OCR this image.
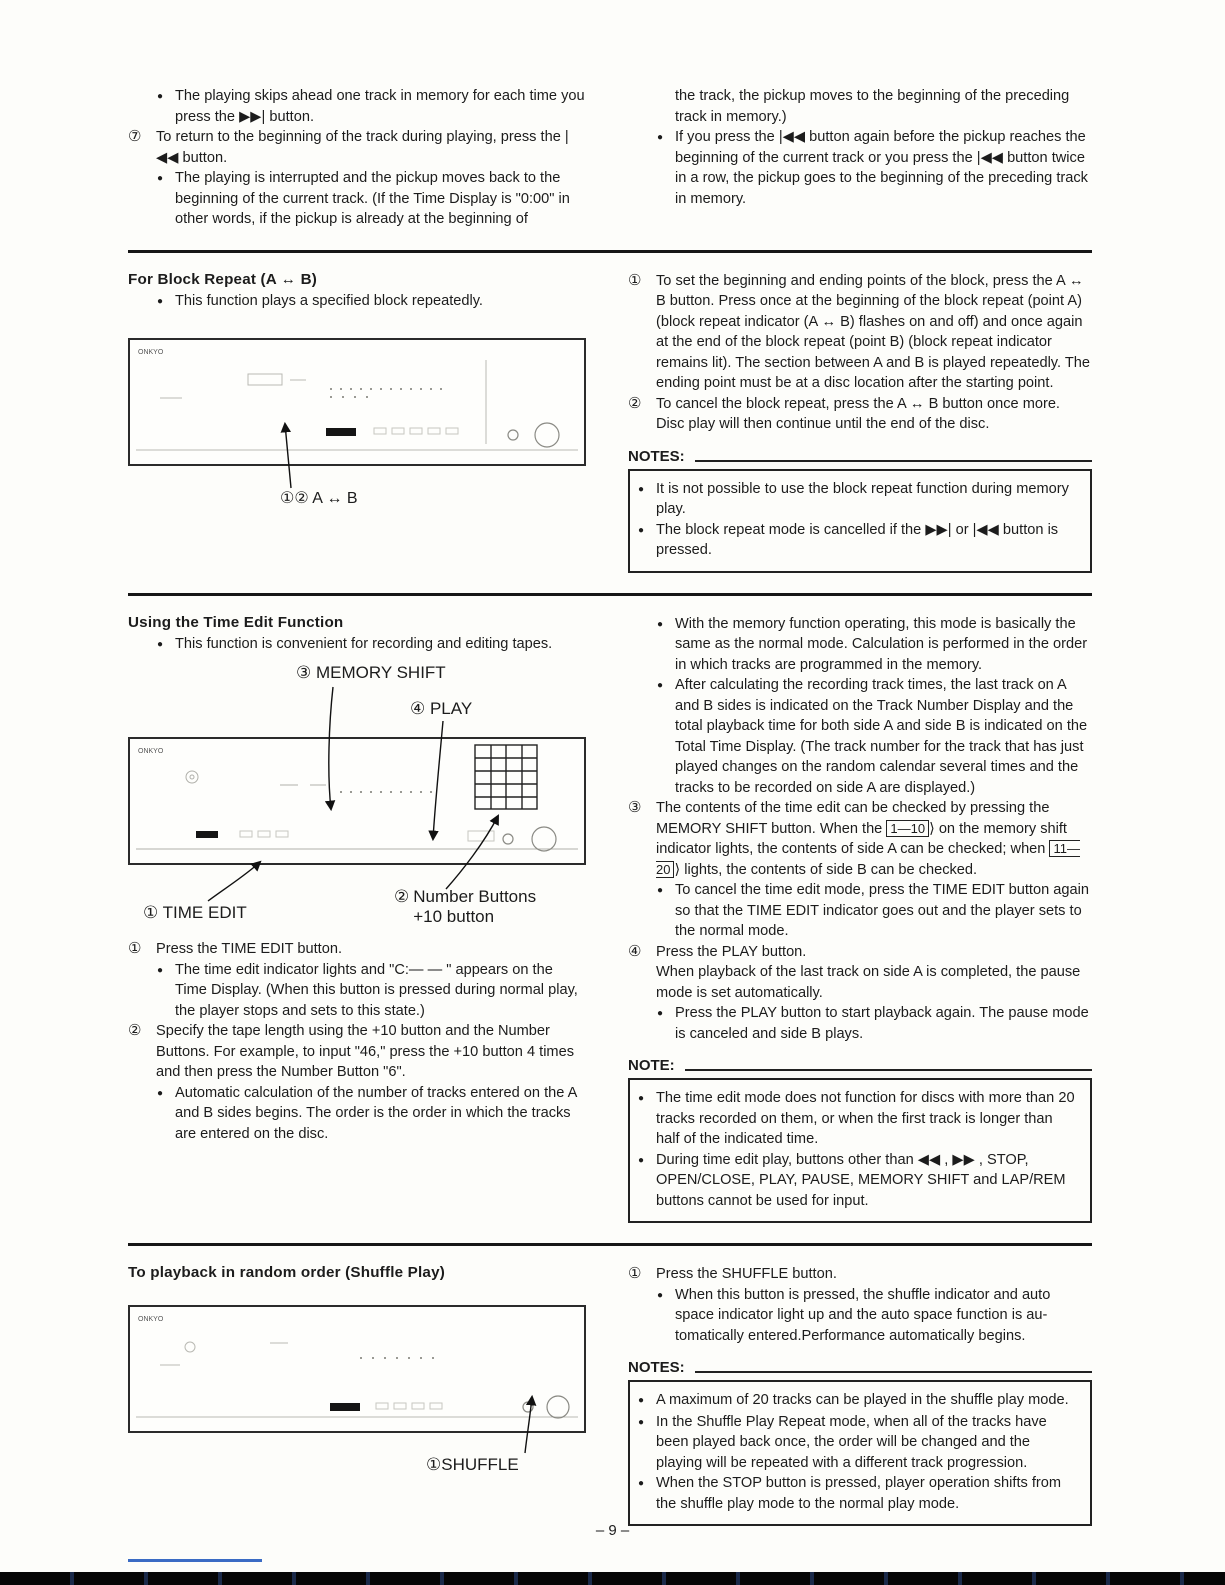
● The playing skips ahead one track in memory for each time you press the ▶▶| button.

⑦	To return to the beginning of the track during playing, press the |◀◀ button.

● The playing is interrupted and the pickup moves back to the beginning of the current track. (If the Time Display is "0:00" in other words, if the pickup is already at the beginning of

the track, the pickup moves to the beginning of the preceding track in memory.)

● If you press the |◀◀ button again before the pickup reaches the beginning of the current track or you press the |◀◀ button twice in a row, the pickup goes to the beginning of the preceding track in memory.

For Block Repeat (A ↔ B)
● This function plays a specified block repeatedly.

ONKYO
①② A ↔ B
①	To set the beginning and ending points of the block, press the A ↔ B button. Press once at the beginning of the block repeat (point A) (block repeat indicator (A ↔ B) flashes on and off) and once again at the end of the block repeat (point B) (block repeat indicator remains lit). The section between A and B is played repeatedly. The ending point must be at a disc location after the starting point.

②	To cancel the block repeat, press the A ↔ B button once more. Disc play will then continue until the end of the disc.

NOTES:
● It is not possible to use the block repeat function during memory play.

● The block repeat mode is cancelled if the ▶▶| or |◀◀ button is pressed.

Using the Time Edit Function
● This function is convenient for recording and editing tapes.

③ MEMORY SHIFT
④ PLAY
ONKYO
① TIME EDIT
② Number Buttons
+10 button
①	Press the TIME EDIT button.

● The time edit indicator lights and "C:— — " appears on the Time Display. (When this button is pressed during normal play, the player stops and sets to this state.)

②	Specify the tape length using the +10 button and the Number Buttons. For example, to input "46," press the +10 button 4 times and then press the Number Button "6".

● Automatic calculation of the number of tracks entered on the A and B sides begins. The order is the order in which the tracks are entered on the disc.

● With the memory function operating, this mode is basically the same as the normal mode. Calculation is performed in the order in which tracks are programmed in the memory.

● After calculating the recording track times, the last track on A and B sides is indicated on the Track Number Display and the total playback time for both side A and side B is indicated on the Total Time Display. (The track number for the track that has just played changes on the random calendar several times and the tracks to be recorded on side A are displayed.)

③	The contents of the time edit can be checked by pressing the MEMORY SHIFT button. When the 1—10 ⟩ on the memory shift indicator lights, the contents of side A can be checked; when 11—20 ⟩ lights, the contents of side B can be checked.

● To cancel the time edit mode, press the TIME EDIT button again so that the TIME EDIT indicator goes out and the player sets to the normal mode.

④	Press the PLAY button.

When playback of the last track on side A is completed, the pause mode is set automatically.

● Press the PLAY button to start playback again. The pause mode is canceled and side B plays.

NOTE:
● The time edit mode does not function for discs with more than 20 tracks recorded on them, or when the first track is longer than half of the indicated time.

● During time edit play, buttons other than ◀◀ , ▶▶ , STOP, OPEN/CLOSE, PLAY, PAUSE, MEMORY SHIFT and LAP/REM buttons cannot be used for input.

To playback in random order (Shuffle Play)
ONKYO
①SHUFFLE
①	Press the SHUFFLE button.

● When this button is pressed, the shuffle indicator and auto space indicator light up and the auto space function is au- tomatically entered.Performance automatically begins.

NOTES:
● A maximum of 20 tracks can be played in the shuffle play mode.

● In the Shuffle Play Repeat mode, when all of the tracks have been played back once, the order will be changed and the playing will be repeated with a different track progression.

● When the STOP button is pressed, player operation shifts from the shuffle play mode to the normal play mode.

– 9 –
